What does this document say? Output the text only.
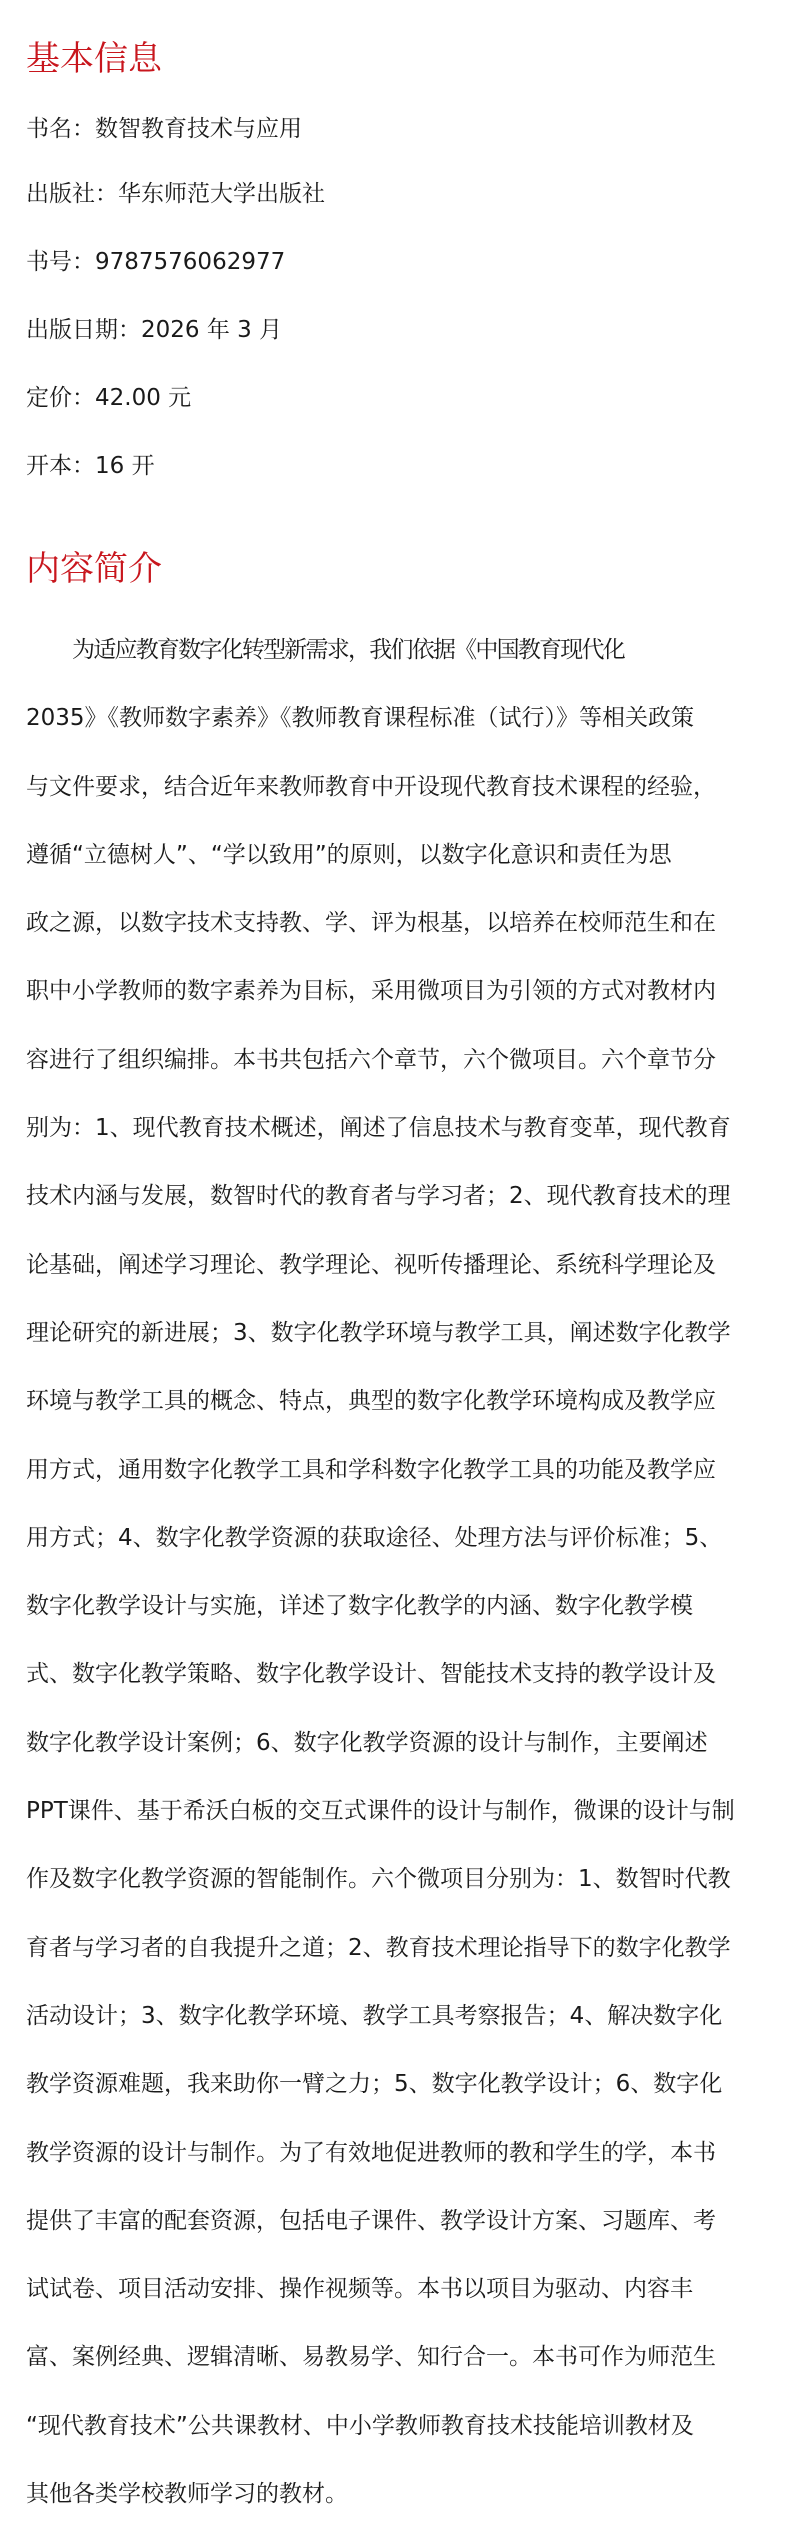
基本信息

书名：数智教育技术与应用

出版社：华东师范大学出版社

书号：9787576062977

出版日期：2026 年 3 月

定价：42.00 元

开本：16 开

内容简介
为适应教育数字化转型新需求，我们依据《中国教育现代化
2035》《教师数字素养》《教师教育课程标准（试行）》等相关政策
与文件要求，结合近年来教师教育中开设现代教育技术课程的经验，
遵循“立德树人”、“学以致用”的原则，以数字化意识和责任为思
政之源，以数字技术支持教、学、评为根基，以培养在校师范生和在
职中小学教师的数字素养为目标，采用微项目为引领的方式对教材内
容进行了组织编排。本书共包括六个章节，六个微项目。六个章节分
别为：1、现代教育技术概述，阐述了信息技术与教育变革，现代教育
技术内涵与发展，数智时代的教育者与学习者；2、现代教育技术的理
论基础，阐述学习理论、教学理论、视听传播理论、系统科学理论及
理论研究的新进展；3、数字化教学环境与教学工具，阐述数字化教学
环境与教学工具的概念、特点，典型的数字化教学环境构成及教学应
用方式，通用数字化教学工具和学科数字化教学工具的功能及教学应
用方式；4、数字化教学资源的获取途径、处理方法与评价标准；5、
数字化教学设计与实施，详述了数字化教学的内涵、数字化教学模
式、数字化教学策略、数字化教学设计、智能技术支持的教学设计及
数字化教学设计案例；6、数字化教学资源的设计与制作，主要阐述
PPT课件、基于希沃白板的交互式课件的设计与制作，微课的设计与制
作及数字化教学资源的智能制作。六个微项目分别为：1、数智时代教
育者与学习者的自我提升之道；2、教育技术理论指导下的数字化教学
活动设计；3、数字化教学环境、教学工具考察报告；4、解决数字化
教学资源难题，我来助你一臂之力；5、数字化教学设计；6、数字化
教学资源的设计与制作。为了有效地促进教师的教和学生的学，本书
提供了丰富的配套资源，包括电子课件、教学设计方案、习题库、考
试试卷、项目活动安排、操作视频等。本书以项目为驱动、内容丰
富、案例经典、逻辑清晰、易教易学、知行合一。本书可作为师范生
“现代教育技术”公共课教材、中小学教师教育技术技能培训教材及
其他各类学校教师学习的教材。
